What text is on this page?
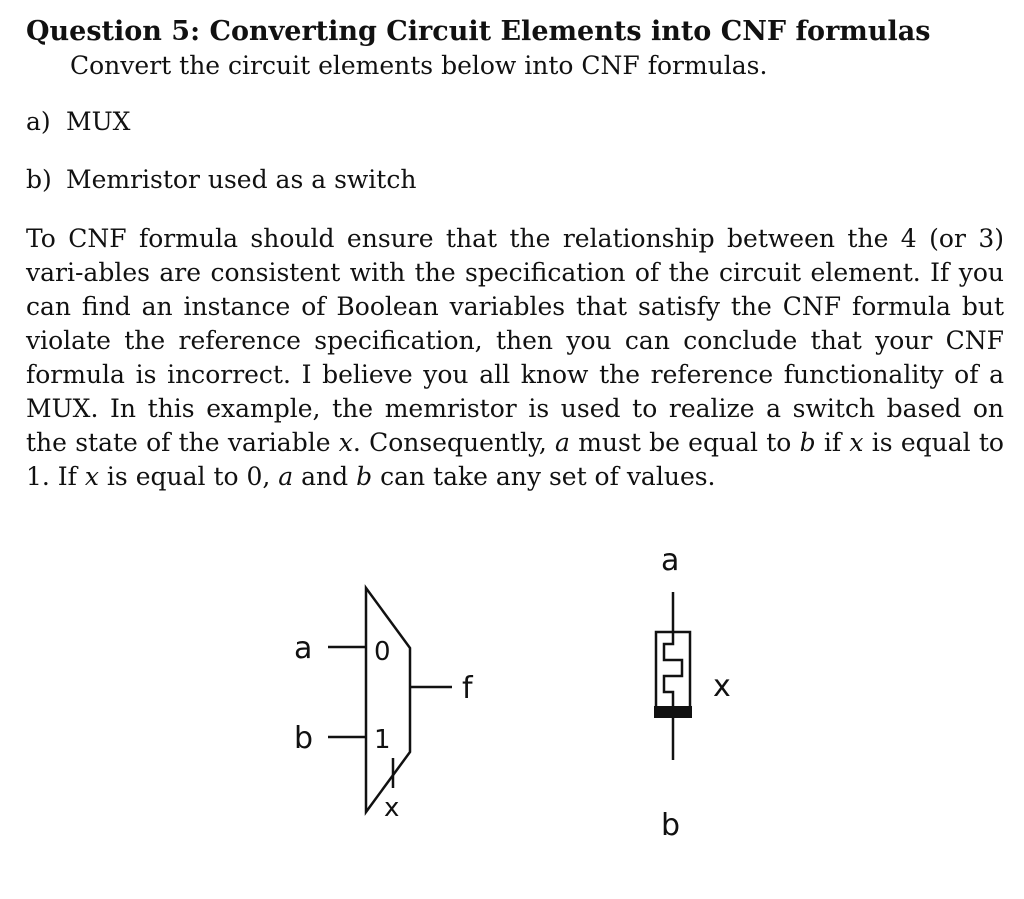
Question 5: Converting Circuit Elements into CNF formulas
Convert the circuit elements below into CNF formulas.
a) MUX
b) Memristor used as a switch
To CNF formula should ensure that the relationship between the 4 (or 3) vari-ables are consistent with the specification of the circuit element. If you can find an instance of Boolean variables that satisfy the CNF formula but violate the reference specification, then you can conclude that your CNF formula is incorrect. I believe you all know the reference functionality of a MUX. In this example, the memristor is used to realize a switch based on the state of the variable x. Consequently, a must be equal to b if x is equal to 1. If x is equal to 0, a and b can take any set of values.
a
b
0
1
f
x
a
b
x
